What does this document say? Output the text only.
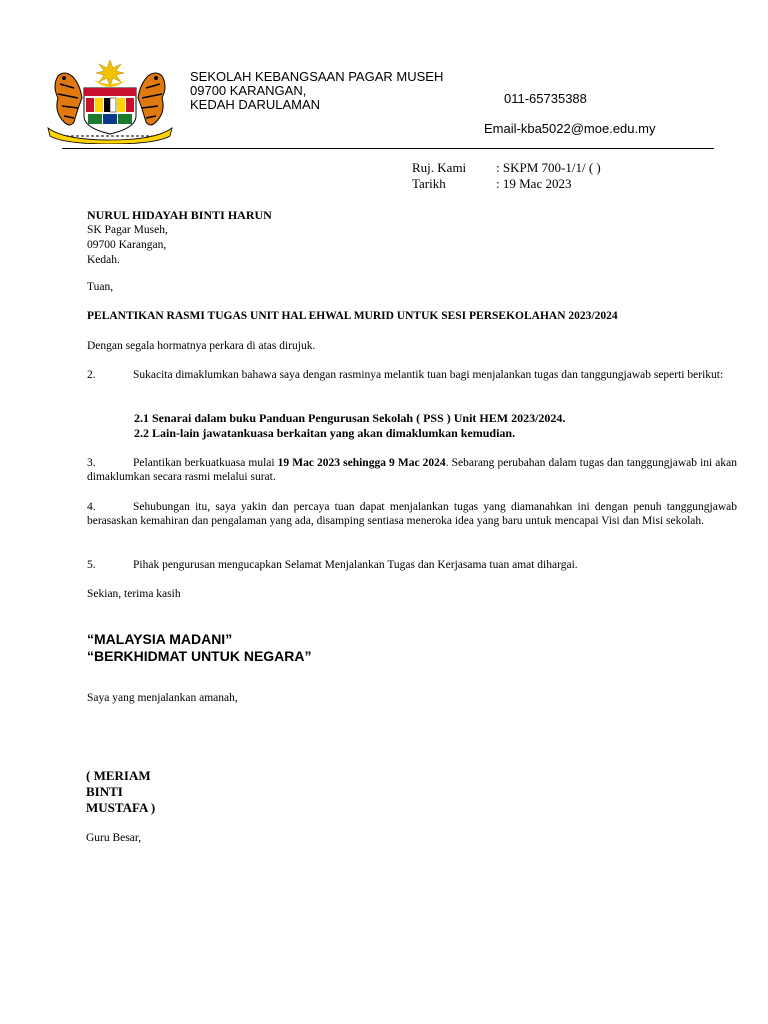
SEKOLAH KEBANGSAAN PAGAR MUSEH
09700 KARANGAN,
KEDAH DARULAMAN	011-65735388
Email-kba5022@moe.edu.my
Ruj. Kami : SKPM 700-1/1/ ( )
Tarikh	: 19 Mac 2023
NURUL HIDAYAH BINTI HARUN
SK Pagar Museh,
09700 Karangan,
Kedah.
Tuan,
PELANTIKAN RASMI TUGAS UNIT HAL EHWAL MURID UNTUK SESI PERSEKOLAHAN 2023/2024
Dengan segala hormatnya perkara di atas dirujuk.
2.	Sukacita dimaklumkan bahawa saya dengan rasminya melantik tuan bagi menjalankan tugas dan tanggungjawab seperti berikut:
2.1 Senarai dalam buku Panduan Pengurusan Sekolah ( PSS ) Unit HEM 2023/2024.
2.2 Lain-lain jawatankuasa berkaitan yang akan dimaklumkan kemudian.
3.	Pelantikan berkuatkuasa mulai 19 Mac 2023 sehingga 9 Mac 2024. Sebarang perubahan dalam tugas dan tanggungjawab ini akan dimaklumkan secara rasmi melalui surat.
4.	Sehubungan itu, saya yakin dan percaya tuan dapat menjalankan tugas yang diamanahkan ini dengan penuh tanggungjawab berasaskan kemahiran dan pengalaman yang ada, disamping sentiasa meneroka idea yang baru untuk mencapai Visi dan Misi sekolah.
5.	Pihak pengurusan mengucapkan Selamat Menjalankan Tugas dan Kerjasama tuan amat dihargai.
Sekian, terima kasih
“MALAYSIA MADANI”
“BERKHIDMAT UNTUK NEGARA”
Saya yang menjalankan amanah,
( MERIAM BINTI MUSTAFA )
Guru Besar,
